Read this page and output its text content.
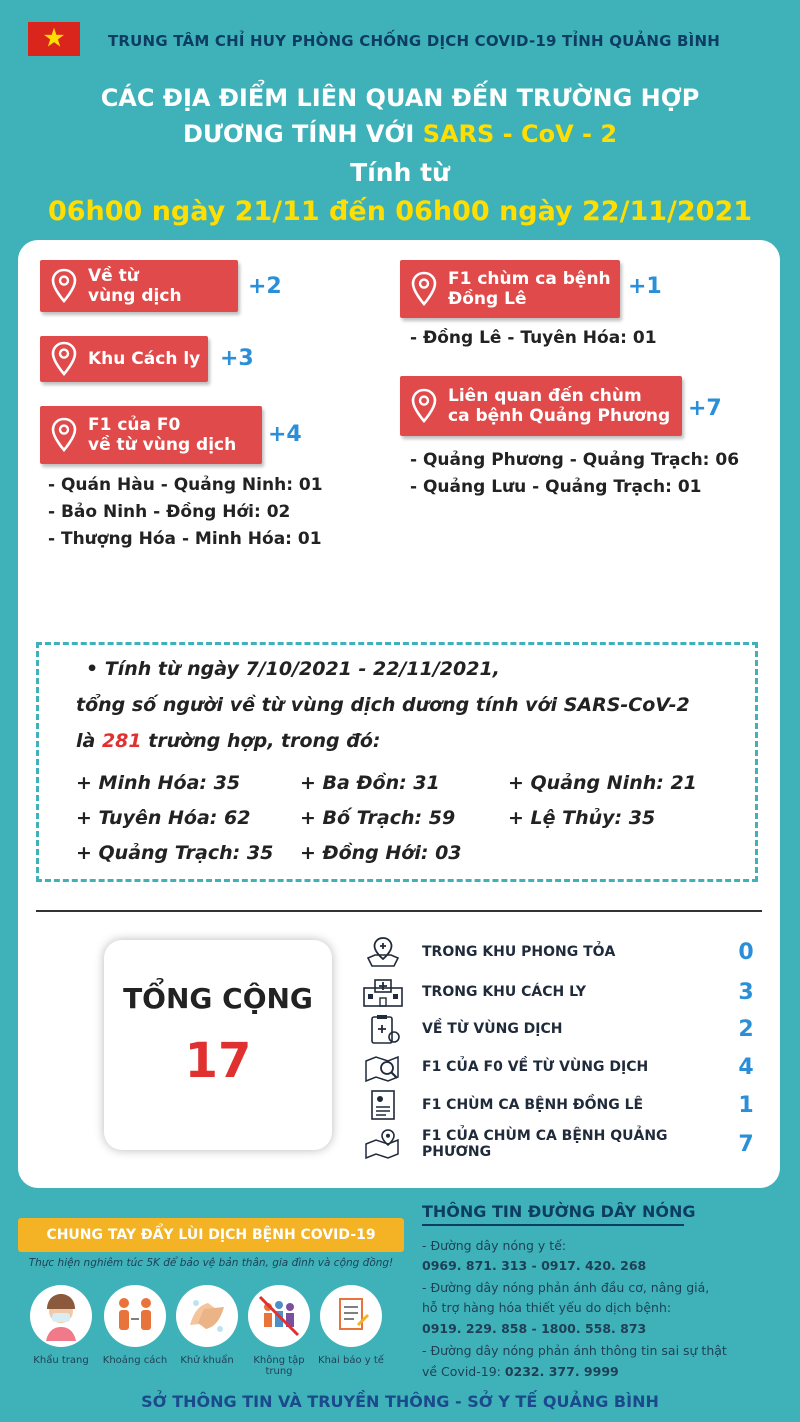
★	TRUNG TÂM CHỈ HUY PHÒNG CHỐNG DỊCH COVID-19 TỈNH QUẢNG BÌNH
CÁC ĐỊA ĐIỂM LIÊN QUAN ĐẾN TRƯỜNG HỢP
DƯƠNG TÍNH VỚI SARS - CoV - 2
Tính từ
06h00 ngày 21/11 đến 06h00 ngày 22/11/2021
Về từ
vùng dịch	+2
Khu Cách ly +3
F1 của F0
về từ vùng dịch +4
- Quán Hàu - Quảng Ninh: 01
- Bảo Ninh - Đồng Hới: 02
- Thượng Hóa - Minh Hóa: 01
F1 chùm ca bệnh
Đồng Lê	+1
- Đồng Lê - Tuyên Hóa: 01
Liên quan đến chùm
ca bệnh Quảng Phương +7
- Quảng Phương - Quảng Trạch: 06
- Quảng Lưu - Quảng Trạch: 01
• Tính từ ngày 7/10/2021 - 22/11/2021,
tổng số người về từ vùng dịch dương tính với SARS-CoV-2
là 281 trường hợp, trong đó:
+ Minh Hóa: 35	+ Ba Đồn: 31	+ Quảng Ninh: 21
+ Tuyên Hóa: 62	+ Bố Trạch: 59	+ Lệ Thủy: 35
+ Quảng Trạch: 35 + Đồng Hới: 03
TỔNG CỘNG
17
TRONG KHU PHONG TỎA	0
TRONG KHU CÁCH LY	3
VỀ TỪ VÙNG DỊCH	2
F1 CỦA F0 VỀ TỪ VÙNG DỊCH	4
F1 CHÙM CA BỆNH ĐỒNG LÊ	1
F1 CỦA CHÙM CA BỆNH QUẢNG PHƯƠNG	7
CHUNG TAY ĐẨY LÙI DỊCH BỆNH COVID-19
Thực hiện nghiêm túc 5K để bảo vệ bản thân, gia đình và cộng đồng!
Khẩu trang	Khoảng cách	Khử khuẩn	Không tập trung
Khai báo y tế
THÔNG TIN ĐƯỜNG DÂY NÓNG
- Đường dây nóng y tế:
0969. 871. 313 - 0917. 420. 268
- Đường dây nóng phản ánh đầu cơ, nâng giá,
hỗ trợ hàng hóa thiết yếu do dịch bệnh:
0919. 229. 858 - 1800. 558. 873
- Đường dây nóng phản ánh thông tin sai sự thật
về Covid-19: 0232. 377. 9999
SỞ THÔNG TIN VÀ TRUYỀN THÔNG - SỞ Y TẾ QUẢNG BÌNH
